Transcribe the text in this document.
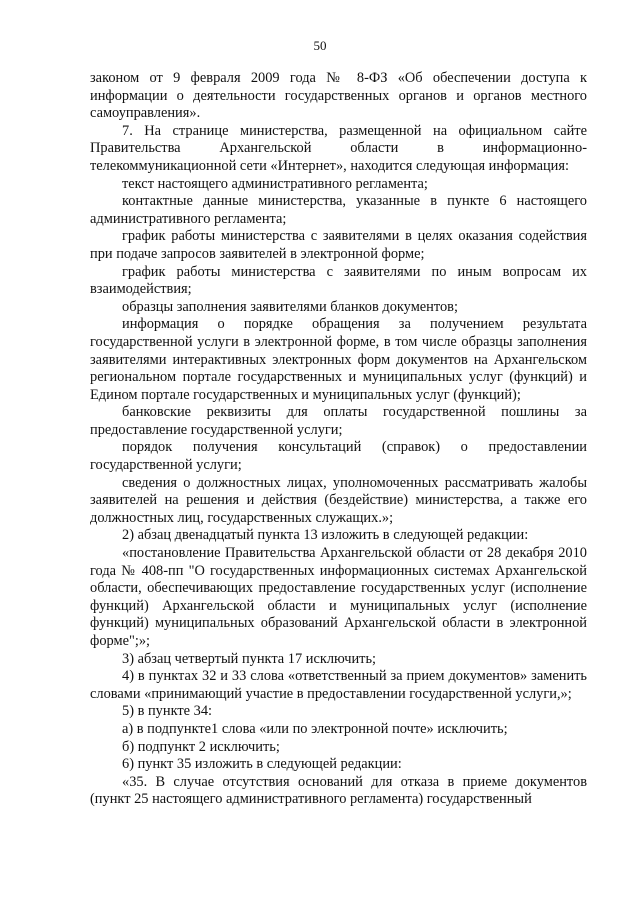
50

законом от 9 февраля 2009 года № 8-ФЗ «Об обеспечении доступа к информации о деятельности государственных органов и органов местного самоуправления».

7. На странице министерства, размещенной на официальном сайте Правительства Архангельской области в информационно-телекоммуникационной сети «Интернет», находится следующая информация:

текст настоящего административного регламента;

контактные данные министерства, указанные в пункте 6 настоящего административного регламента;

график работы министерства с заявителями в целях оказания содействия при подаче запросов заявителей в электронной форме;

график работы министерства с заявителями по иным вопросам их взаимодействия;

образцы заполнения заявителями бланков документов;

информация о порядке обращения за получением результата государственной услуги в электронной форме, в том числе образцы заполнения заявителями интерактивных электронных форм документов на Архангельском региональном портале государственных и муниципальных услуг (функций) и Едином портале государственных и муниципальных услуг (функций);

банковские реквизиты для оплаты государственной пошлины за предоставление государственной услуги;

порядок получения консультаций (справок) о предоставлении государственной услуги;

сведения о должностных лицах, уполномоченных рассматривать жалобы заявителей на решения и действия (бездействие) министерства, а также его должностных лиц, государственных служащих.»;

2) абзац двенадцатый пункта 13 изложить в следующей редакции:

«постановление Правительства Архангельской области от 28 декабря 2010 года № 408-пп "О государственных информационных системах Архангельской области, обеспечивающих предоставление государственных услуг (исполнение функций) Архангельской области и муниципальных услуг (исполнение функций) муниципальных образований Архангельской области в электронной форме";»;

3) абзац четвертый пункта 17 исключить;

4) в пунктах 32 и 33 слова «ответственный за прием документов» заменить словами «принимающий участие в предоставлении государственной услуги,»;

5) в пункте 34:

а) в подпункте1 слова «или по электронной почте» исключить;

б) подпункт 2 исключить;

6) пункт 35 изложить в следующей редакции:

«35. В случае отсутствия оснований для отказа в приеме документов (пункт 25 настоящего административного регламента) государственный
